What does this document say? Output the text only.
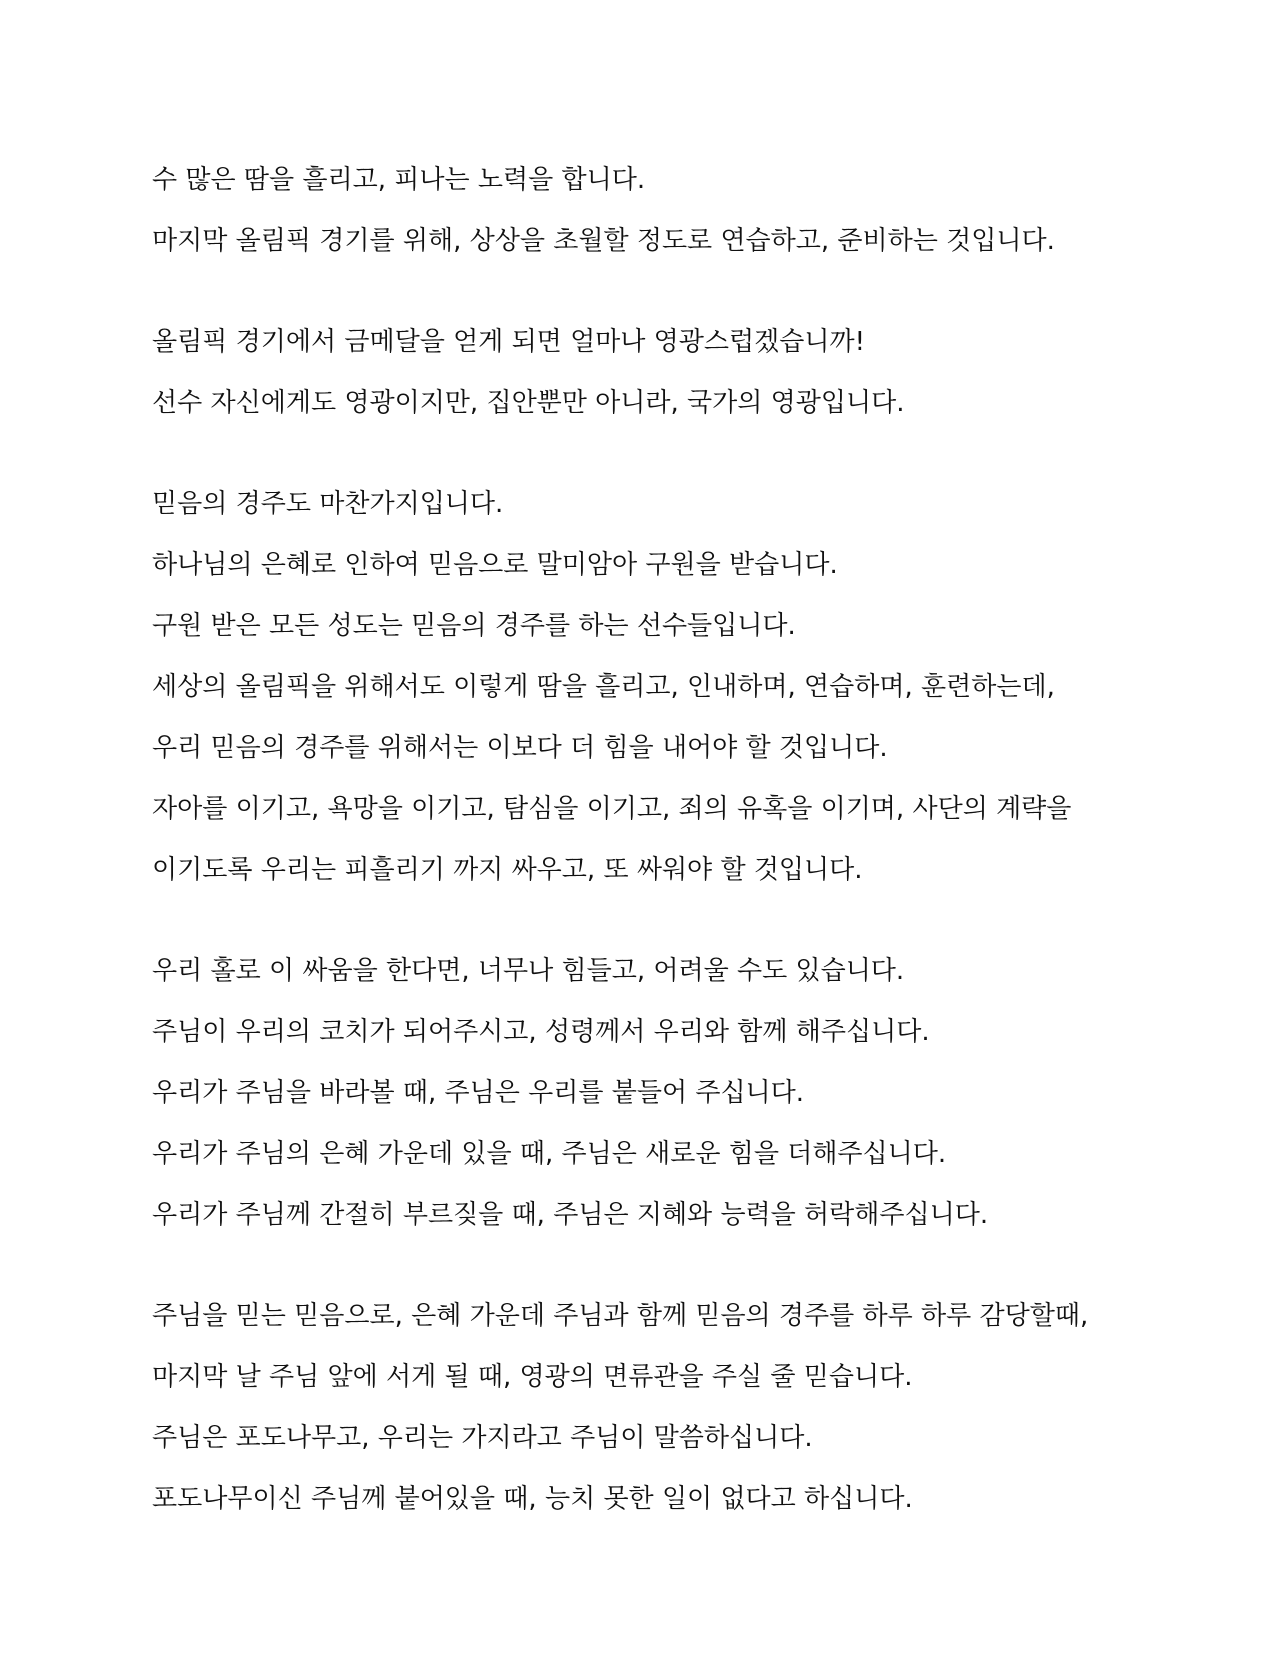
수 많은 땀을 흘리고, 피나는 노력을 합니다.

마지막 올림픽 경기를 위해, 상상을 초월할 정도로 연습하고, 준비하는 것입니다.

올림픽 경기에서 금메달을 얻게 되면 얼마나 영광스럽겠습니까!

선수 자신에게도 영광이지만, 집안뿐만 아니라, 국가의 영광입니다.

믿음의 경주도 마찬가지입니다.

하나님의 은혜로 인하여 믿음으로 말미암아 구원을 받습니다.

구원 받은 모든 성도는 믿음의 경주를 하는 선수들입니다.

세상의 올림픽을 위해서도 이렇게 땀을 흘리고, 인내하며, 연습하며, 훈련하는데,

우리 믿음의 경주를 위해서는 이보다 더 힘을 내어야 할 것입니다.

자아를 이기고, 욕망을 이기고, 탐심을 이기고, 죄의 유혹을 이기며, 사단의 계략을

이기도록 우리는 피흘리기 까지 싸우고, 또 싸워야 할 것입니다.

우리 홀로 이 싸움을 한다면, 너무나 힘들고, 어려울 수도 있습니다.

주님이 우리의 코치가 되어주시고, 성령께서 우리와 함께 해주십니다.

우리가 주님을 바라볼 때, 주님은 우리를 붙들어 주십니다.

우리가 주님의 은혜 가운데 있을 때, 주님은 새로운 힘을 더해주십니다.

우리가 주님께 간절히 부르짖을 때, 주님은 지혜와 능력을 허락해주십니다.

주님을 믿는 믿음으로, 은혜 가운데 주님과 함께 믿음의 경주를 하루 하루 감당할때,

마지막 날 주님 앞에 서게 될 때, 영광의 면류관을 주실 줄 믿습니다.

주님은 포도나무고, 우리는 가지라고 주님이 말씀하십니다.

포도나무이신 주님께 붙어있을 때, 능치 못한 일이 없다고 하십니다.
